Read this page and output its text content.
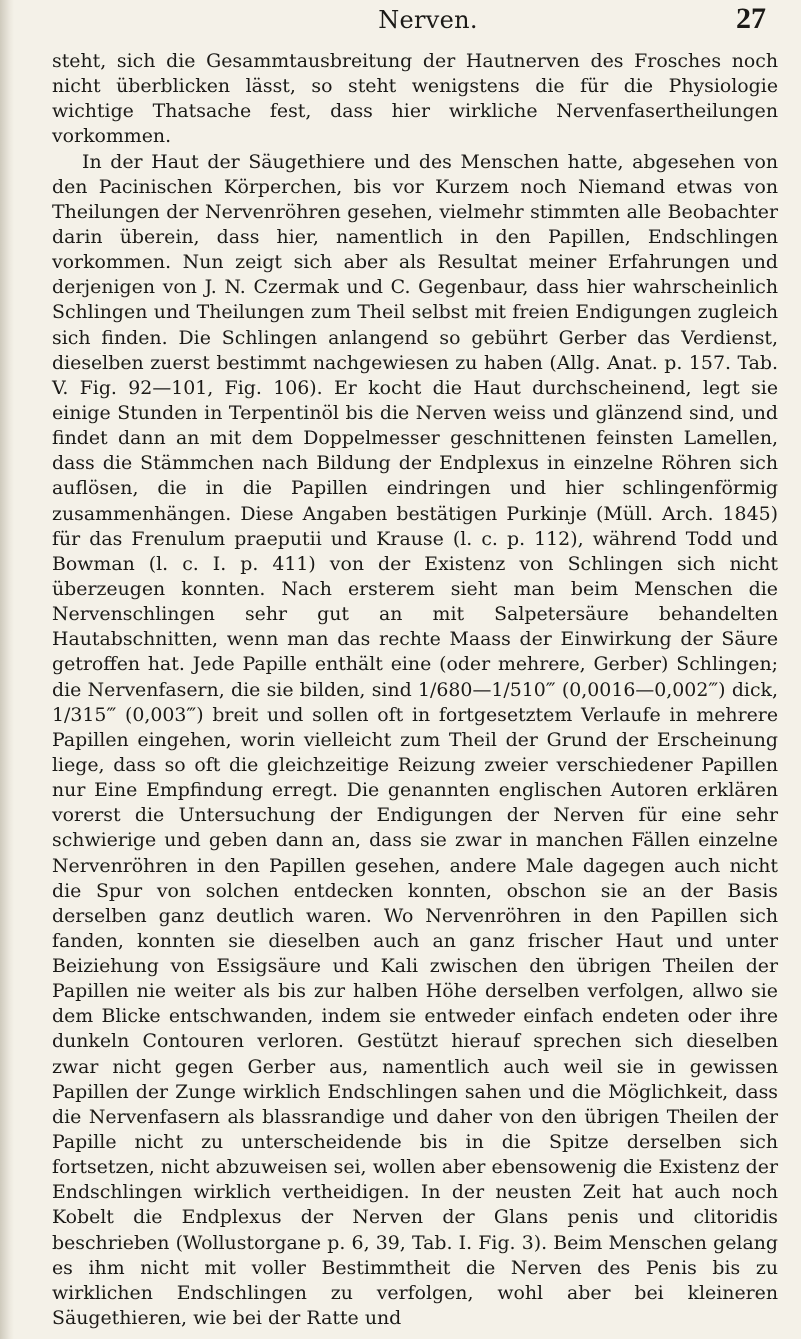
Nerven.	27

steht, sich die Gesammtausbreitung der Hautnerven des Frosches noch nicht überblicken lässt, so steht wenigstens die für die Physiologie wichtige Thatsache fest, dass hier wirkliche Nervenfasertheilungen vorkommen.

In der Haut der Säugethiere und des Menschen hatte, abgesehen von den Pacinischen Körperchen, bis vor Kurzem noch Niemand etwas von Theilungen der Nervenröhren gesehen, vielmehr stimmten alle Beobachter darin überein, dass hier, namentlich in den Papillen, Endschlingen vorkommen. Nun zeigt sich aber als Resultat meiner Erfahrungen und derjenigen von J. N. Czermak und C. Gegenbaur, dass hier wahrscheinlich Schlingen und Theilungen zum Theil selbst mit freien Endigungen zugleich sich finden. Die Schlingen anlangend so gebührt Gerber das Verdienst, dieselben zuerst bestimmt nachgewiesen zu haben (Allg. Anat. p. 157. Tab. V. Fig. 92—101, Fig. 106). Er kocht die Haut durchscheinend, legt sie einige Stunden in Terpentinöl bis die Nerven weiss und glänzend sind, und findet dann an mit dem Doppelmesser geschnittenen feinsten Lamellen, dass die Stämmchen nach Bildung der Endplexus in einzelne Röhren sich auflösen, die in die Papillen eindringen und hier schlingenförmig zusammenhängen. Diese Angaben bestätigen Purkinje (Müll. Arch. 1845) für das Frenulum praeputii und Krause (l. c. p. 112), während Todd und Bowman (l. c. I. p. 411) von der Existenz von Schlingen sich nicht überzeugen konnten. Nach ersterem sieht man beim Menschen die Nervenschlingen sehr gut an mit Salpetersäure behandelten Hautabschnitten, wenn man das rechte Maass der Einwirkung der Säure getroffen hat. Jede Papille enthält eine (oder mehrere, Gerber) Schlingen; die Nervenfasern, die sie bilden, sind 1/680—1/510‴ (0,0016—0,002‴) dick, 1/315‴ (0,003‴) breit und sollen oft in fortgesetztem Verlaufe in mehrere Papillen eingehen, worin vielleicht zum Theil der Grund der Erscheinung liege, dass so oft die gleichzeitige Reizung zweier verschiedener Papillen nur Eine Empfindung erregt. Die genannten englischen Autoren erklären vorerst die Untersuchung der Endigungen der Nerven für eine sehr schwierige und geben dann an, dass sie zwar in manchen Fällen einzelne Nervenröhren in den Papillen gesehen, andere Male dagegen auch nicht die Spur von solchen entdecken konnten, obschon sie an der Basis derselben ganz deutlich waren. Wo Nervenröhren in den Papillen sich fanden, konnten sie dieselben auch an ganz frischer Haut und unter Beiziehung von Essigsäure und Kali zwischen den übrigen Theilen der Papillen nie weiter als bis zur halben Höhe derselben verfolgen, allwo sie dem Blicke entschwanden, indem sie entweder einfach endeten oder ihre dunkeln Contouren verloren. Gestützt hierauf sprechen sich dieselben zwar nicht gegen Gerber aus, namentlich auch weil sie in gewissen Papillen der Zunge wirklich Endschlingen sahen und die Möglichkeit, dass die Nervenfasern als blassrandige und daher von den übrigen Theilen der Papille nicht zu unterscheidende bis in die Spitze derselben sich fortsetzen, nicht abzuweisen sei, wollen aber ebensowenig die Existenz der Endschlingen wirklich vertheidigen. In der neusten Zeit hat auch noch Kobelt die Endplexus der Nerven der Glans penis und clitoridis beschrieben (Wollustorgane p. 6, 39, Tab. I. Fig. 3). Beim Menschen gelang es ihm nicht mit voller Bestimmtheit die Nerven des Penis bis zu wirklichen Endschlingen zu verfolgen, wohl aber bei kleineren Säugethieren, wie bei der Ratte und
